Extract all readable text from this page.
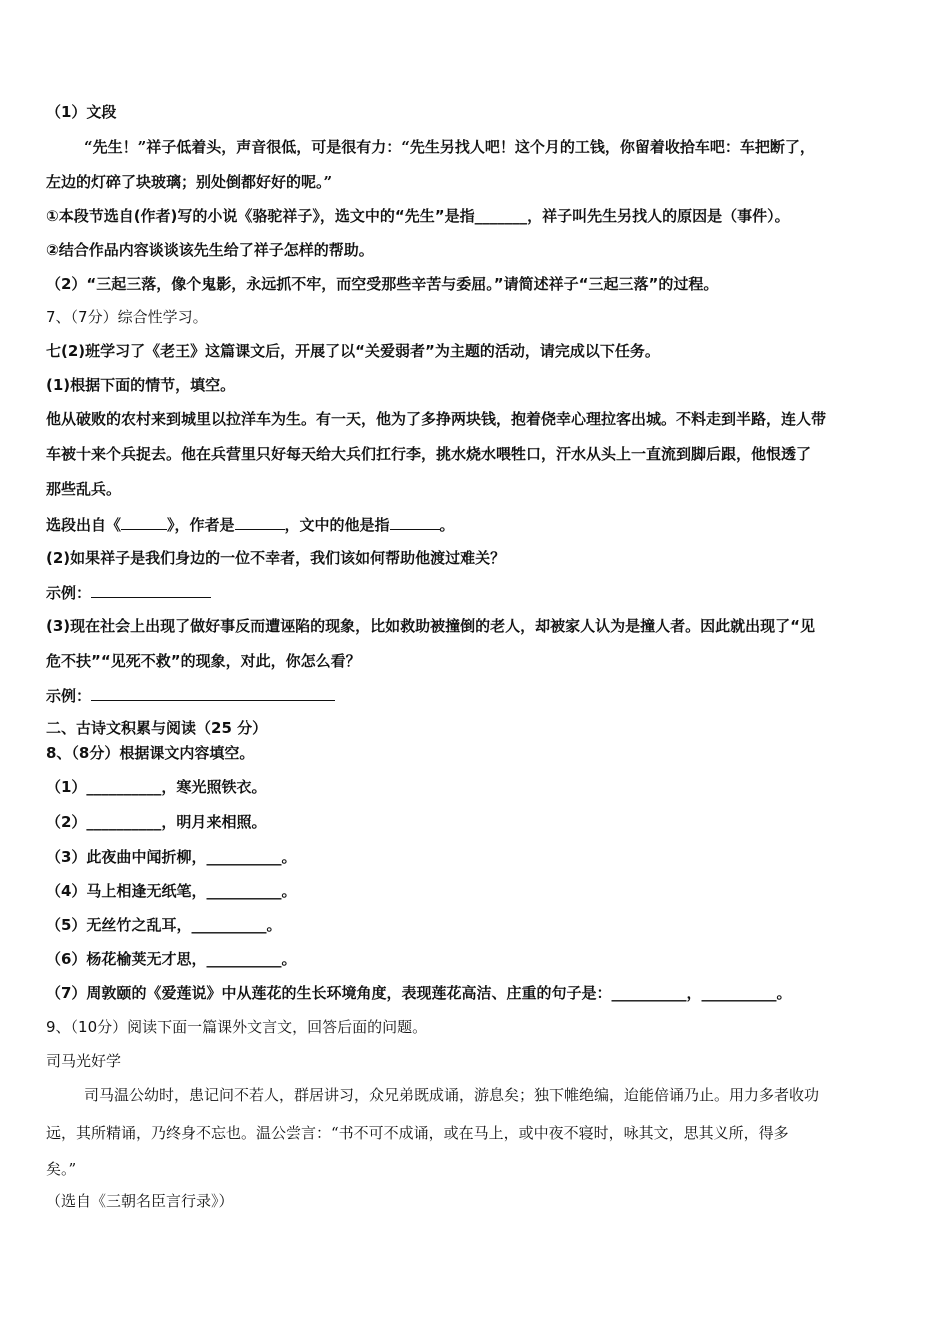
（1）文段
“先生！”祥子低着头，声音很低，可是很有力：“先生另找人吧！这个月的工钱，你留着收拾车吧：车把断了，
左边的灯碎了块玻璃；别处倒都好好的呢。”
①本段节选自(作者)写的小说《骆驼祥子》，选文中的“先生”是指_______，祥子叫先生另找人的原因是（事件）。
②结合作品内容谈谈该先生给了祥子怎样的帮助。
（2）“三起三落，像个鬼影，永远抓不牢，而空受那些辛苦与委屈。”请简述祥子“三起三落”的过程。
7、（7分）综合性学习。
七(2)班学习了《老王》这篇课文后，开展了以“关爱弱者”为主题的活动，请完成以下任务。
(1)根据下面的情节，填空。
他从破败的农村来到城里以拉洋车为生。有一天，他为了多挣两块钱，抱着侥幸心理拉客出城。不料走到半路，连人带
车被十来个兵捉去。他在兵营里只好每天给大兵们扛行李，挑水烧水喂牲口，汗水从头上一直流到脚后跟，他恨透了
那些乱兵。
选段出自《	》，作者是	，文中的他是指	。
(2)如果祥子是我们身边的一位不幸者，我们该如何帮助他渡过难关？
示例：
(3)现在社会上出现了做好事反而遭诬陷的现象，比如救助被撞倒的老人，却被家人认为是撞人者。因此就出现了“见
危不扶”“见死不救”的现象，对此，你怎么看？
示例：
二、古诗文积累与阅读（25 分）
8、（8分）根据课文内容填空。
（1）__________，寒光照铁衣。
（2）__________，明月来相照。
（3）此夜曲中闻折柳，__________。
（4）马上相逢无纸笔，__________。
（5）无丝竹之乱耳，__________。
（6）杨花榆荚无才思，__________。
（7）周敦颐的《爱莲说》中从莲花的生长环境角度，表现莲花高洁、庄重的句子是：__________，__________。
9、（10分）阅读下面一篇课外文言文，回答后面的问题。
司马光好学
司马温公幼时，患记问不若人，群居讲习，众兄弟既成诵，游息矣；独下帷绝编，迨能倍诵乃止。用力多者收功
远，其所精诵，乃终身不忘也。温公尝言：“书不可不成诵，或在马上，或中夜不寝时，咏其文，思其义所，得多
矣。”
（选自《三朝名臣言行录》）
